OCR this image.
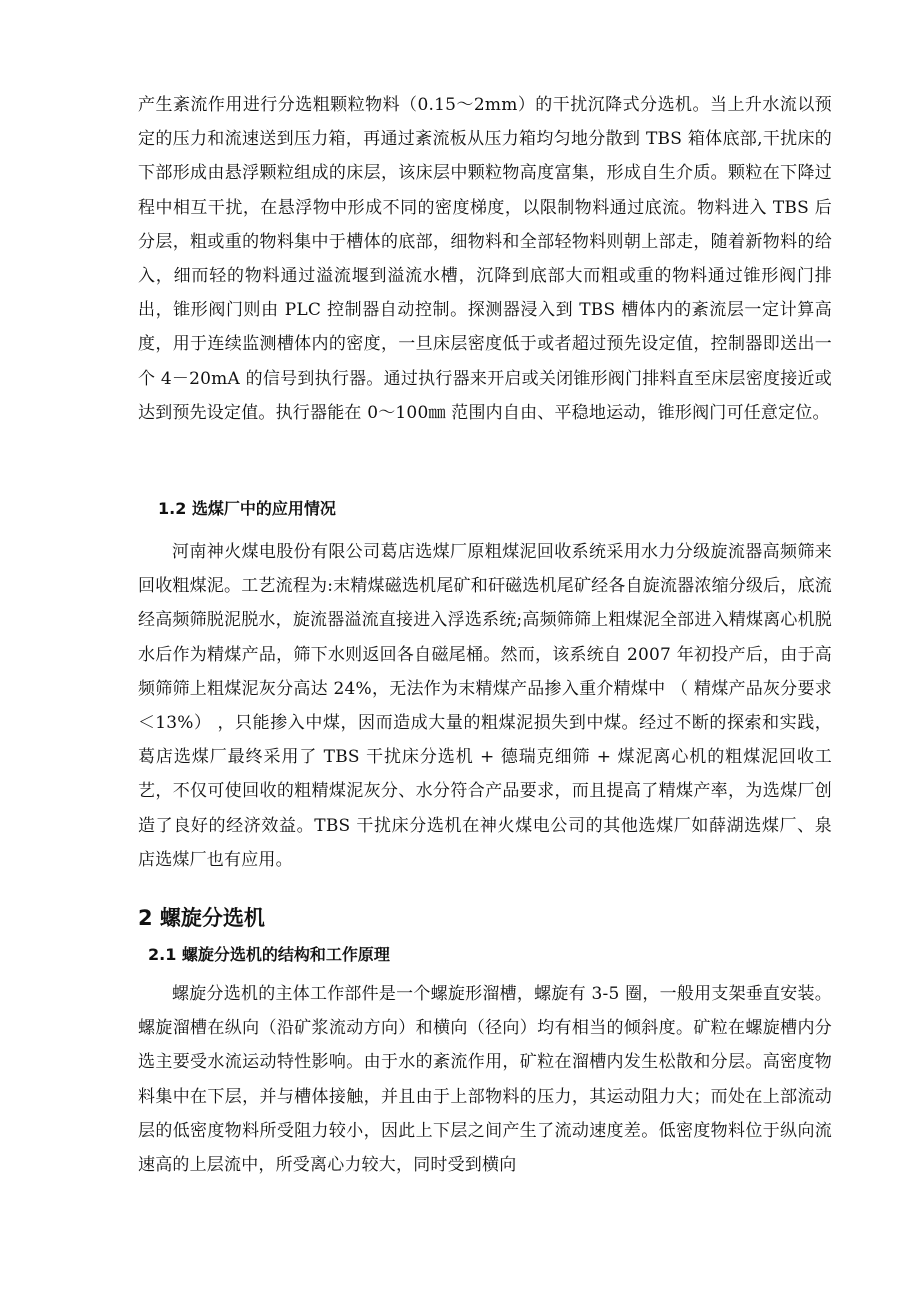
产生紊流作用进行分选粗颗粒物料（0.15～2mm）的干扰沉降式分选机。当上升水流以预定的压力和流速送到压力箱，再通过紊流板从压力箱均匀地分散到 TBS 箱体底部,干扰床的下部形成由悬浮颗粒组成的床层，该床层中颗粒物高度富集，形成自生介质。颗粒在下降过程中相互干扰，在悬浮物中形成不同的密度梯度，以限制物料通过底流。物料进入 TBS 后分层，粗或重的物料集中于槽体的底部，细物料和全部轻物料则朝上部走，随着新物料的给入，细而轻的物料通过溢流堰到溢流水槽，沉降到底部大而粗或重的物料通过锥形阀门排出，锥形阀门则由 PLC 控制器自动控制。探测器浸入到 TBS 槽体内的紊流层一定计算高度，用于连续监测槽体内的密度，一旦床层密度低于或者超过预先设定值，控制器即送出一个 4－20mA 的信号到执行器。通过执行器来开启或关闭锥形阀门排料直至床层密度接近或达到预先设定值。执行器能在 0～100㎜ 范围内自由、平稳地运动，锥形阀门可任意定位。

1.2 选煤厂中的应用情况

河南神火煤电股份有限公司葛店选煤厂原粗煤泥回收系统采用水力分级旋流器高频筛来回收粗煤泥。工艺流程为:末精煤磁选机尾矿和矸磁选机尾矿经各自旋流器浓缩分级后，底流经高频筛脱泥脱水，旋流器溢流直接进入浮选系统;高频筛筛上粗煤泥全部进入精煤离心机脱水后作为精煤产品，筛下水则返回各自磁尾桶。然而，该系统自 2007 年初投产后，由于高频筛筛上粗煤泥灰分高达 24%，无法作为末精煤产品掺入重介精煤中 （ 精煤产品灰分要求 ＜13%） ，只能掺入中煤，因而造成大量的粗煤泥损失到中煤。经过不断的探索和实践，葛店选煤厂最终采用了 TBS 干扰床分选机 + 德瑞克细筛 + 煤泥离心机的粗煤泥回收工艺，不仅可使回收的粗精煤泥灰分、水分符合产品要求，而且提高了精煤产率，为选煤厂创造了良好的经济效益。TBS 干扰床分选机在神火煤电公司的其他选煤厂如薛湖选煤厂、泉店选煤厂也有应用。

2 螺旋分选机
2.1 螺旋分选机的结构和工作原理

螺旋分选机的主体工作部件是一个螺旋形溜槽，螺旋有 3-5 圈，一般用支架垂直安装。螺旋溜槽在纵向（沿矿浆流动方向）和横向（径向）均有相当的倾斜度。矿粒在螺旋槽内分选主要受水流运动特性影响。由于水的紊流作用，矿粒在溜槽内发生松散和分层。高密度物料集中在下层，并与槽体接触，并且由于上部物料的压力，其运动阻力大；而处在上部流动层的低密度物料所受阻力较小，因此上下层之间产生了流动速度差。低密度物料位于纵向流速高的上层流中，所受离心力较大，同时受到横向
